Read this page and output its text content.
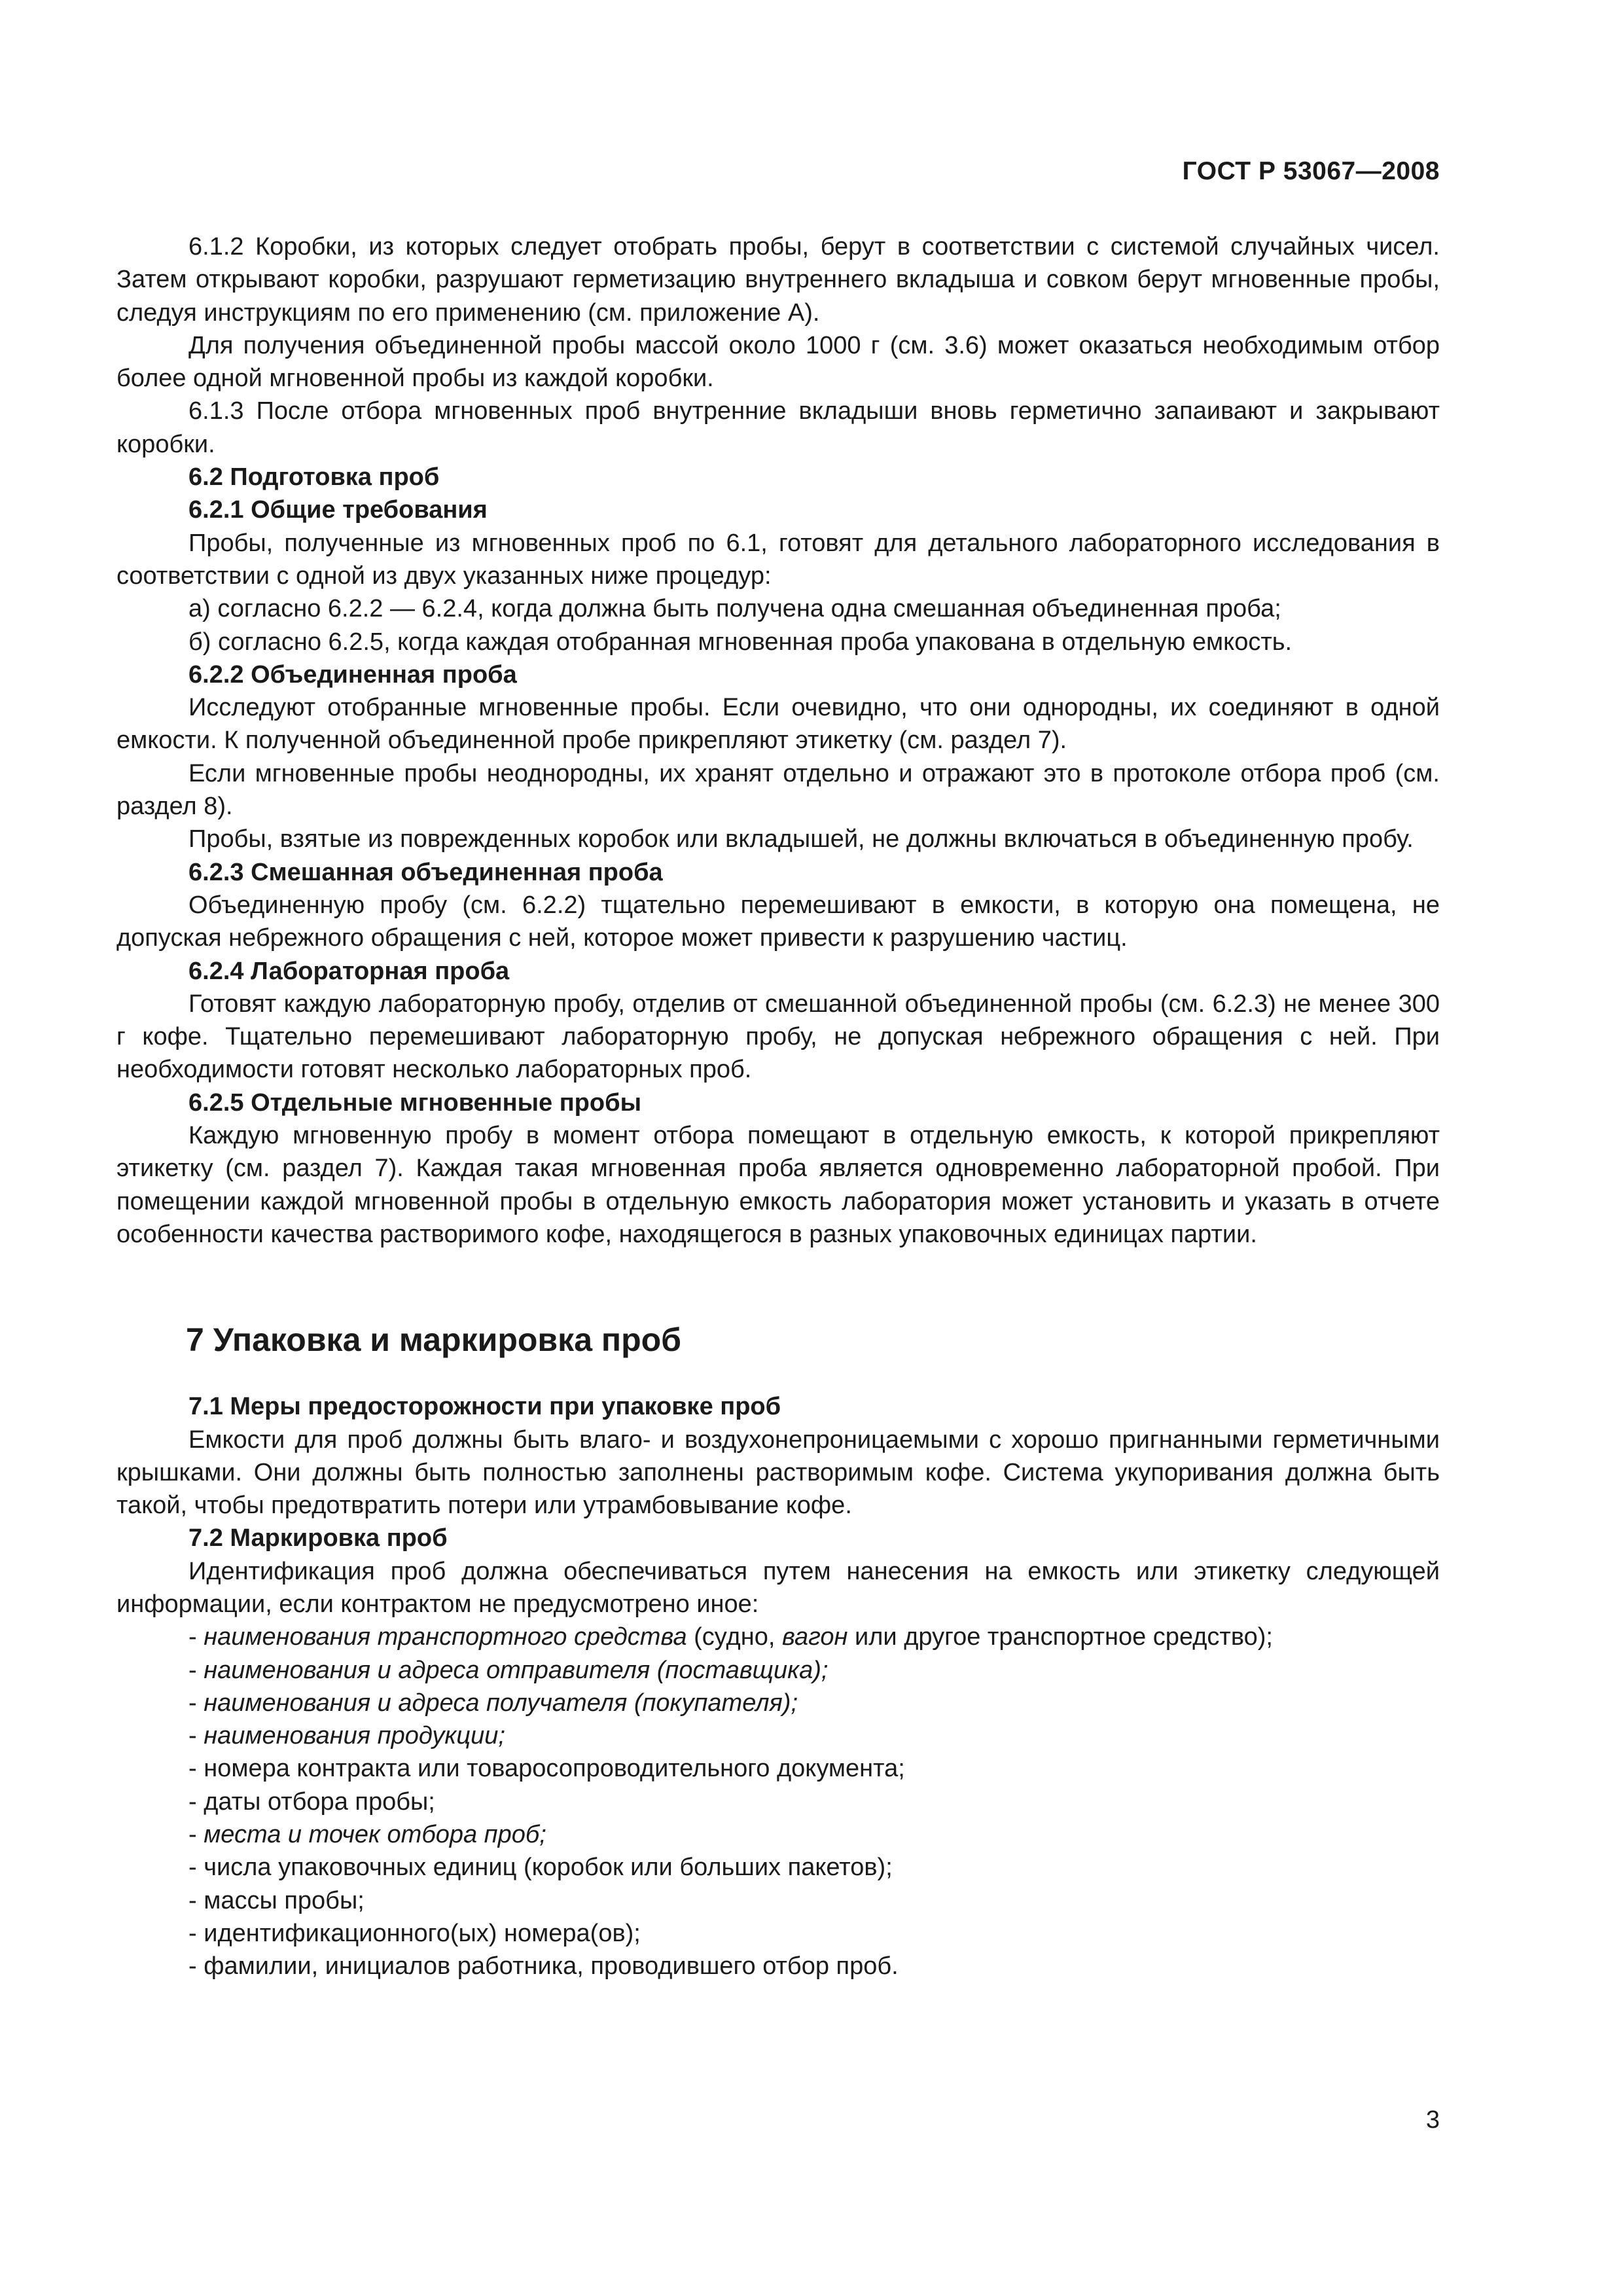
ГОСТ Р 53067—2008

6.1.2 Коробки, из которых следует отобрать пробы, берут в соответствии с системой случайных чисел. Затем открывают коробки, разрушают герметизацию внутреннего вкладыша и совком берут мгновенные пробы, следуя инструкциям по его применению (см. приложение А).

Для получения объединенной пробы массой около 1000 г (см. 3.6) может оказаться необходимым отбор более одной мгновенной пробы из каждой коробки.

6.1.3 После отбора мгновенных проб внутренние вкладыши вновь герметично запаивают и закрывают коробки.

6.2 Подготовка проб

6.2.1 Общие требования

Пробы, полученные из мгновенных проб по 6.1, готовят для детального лабораторного исследования в соответствии с одной из двух указанных ниже процедур:

а) согласно 6.2.2 — 6.2.4, когда должна быть получена одна смешанная объединенная проба;

б) согласно 6.2.5, когда каждая отобранная мгновенная проба упакована в отдельную емкость.

6.2.2 Объединенная проба

Исследуют отобранные мгновенные пробы. Если очевидно, что они однородны, их соединяют в одной емкости. К полученной объединенной пробе прикрепляют этикетку (см. раздел 7).

Если мгновенные пробы неоднородны, их хранят отдельно и отражают это в протоколе отбора проб (см. раздел 8).

Пробы, взятые из поврежденных коробок или вкладышей, не должны включаться в объединенную пробу.

6.2.3 Смешанная объединенная проба

Объединенную пробу (см. 6.2.2) тщательно перемешивают в емкости, в которую она помещена, не допуская небрежного обращения с ней, которое может привести к разрушению частиц.

6.2.4 Лабораторная проба

Готовят каждую лабораторную пробу, отделив от смешанной объединенной пробы (см. 6.2.3) не менее 300 г кофе. Тщательно перемешивают лабораторную пробу, не допуская небрежного обращения с ней. При необходимости готовят несколько лабораторных проб.

6.2.5 Отдельные мгновенные пробы

Каждую мгновенную пробу в момент отбора помещают в отдельную емкость, к которой прикрепляют этикетку (см. раздел 7). Каждая такая мгновенная проба является одновременно лабораторной пробой. При помещении каждой мгновенной пробы в отдельную емкость лаборатория может установить и указать в отчете особенности качества растворимого кофе, находящегося в разных упаковочных единицах партии.

7 Упаковка и маркировка проб

7.1 Меры предосторожности при упаковке проб

Емкости для проб должны быть влаго- и воздухонепроницаемыми с хорошо пригнанными герметичными крышками. Они должны быть полностью заполнены растворимым кофе. Система укупоривания должна быть такой, чтобы предотвратить потери или утрамбовывание кофе.

7.2 Маркировка проб

Идентификация проб должна обеспечиваться путем нанесения на емкость или этикетку следующей информации, если контрактом не предусмотрено иное:

- наименования транспортного средства (судно, вагон или другое транспортное средство);

- наименования и адреса отправителя (поставщика);

- наименования и адреса получателя (покупателя);

- наименования продукции;

- номера контракта или товаросопроводительного документа;

- даты отбора пробы;

- места и точек отбора проб;

- числа упаковочных единиц (коробок или больших пакетов);

- массы пробы;

- идентификационного(ых) номера(ов);

- фамилии, инициалов работника, проводившего отбор проб.

3
